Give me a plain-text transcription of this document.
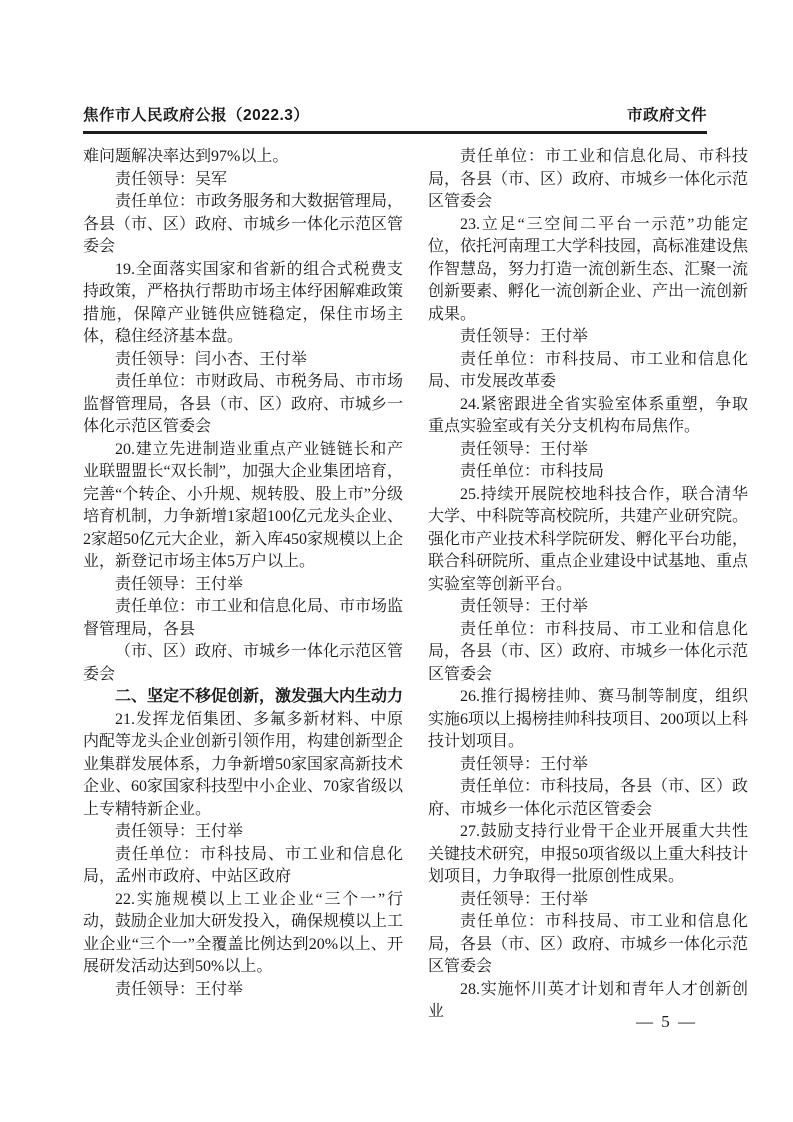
焦作市人民政府公报（2022.3）	市政府文件

难问题解决率达到97%以上。

责任领导：吴军

责任单位：市政务服务和大数据管理局，各县（市、区）政府、市城乡一体化示范区管委会

19.全面落实国家和省新的组合式税费支持政策，严格执行帮助市场主体纾困解难政策措施，保障产业链供应链稳定，保住市场主体，稳住经济基本盘。

责任领导：闫小杏、王付举

责任单位：市财政局、市税务局、市市场监督管理局，各县（市、区）政府、市城乡一体化示范区管委会

20.建立先进制造业重点产业链链长和产业联盟盟长“双长制”，加强大企业集团培育，完善“个转企、小升规、规转股、股上市”分级培育机制，力争新增1家超100亿元龙头企业、2家超50亿元大企业，新入库450家规模以上企业，新登记市场主体5万户以上。

责任领导：王付举

责任单位：市工业和信息化局、市市场监督管理局，各县

（市、区）政府、市城乡一体化示范区管委会

二、坚定不移促创新，激发强大内生动力

21.发挥龙佰集团、多氟多新材料、中原内配等龙头企业创新引领作用，构建创新型企业集群发展体系，力争新增50家国家高新技术企业、60家国家科技型中小企业、70家省级以上专精特新企业。

责任领导：王付举

责任单位：市科技局、市工业和信息化局，孟州市政府、中站区政府

22.实施规模以上工业企业“三个一”行动，鼓励企业加大研发投入，确保规模以上工业企业“三个一”全覆盖比例达到20%以上、开展研发活动达到50%以上。

责任领导：王付举

责任单位：市工业和信息化局、市科技局，各县（市、区）政府、市城乡一体化示范区管委会

23.立足“三空间二平台一示范”功能定位，依托河南理工大学科技园，高标准建设焦作智慧岛，努力打造一流创新生态、汇聚一流创新要素、孵化一流创新企业、产出一流创新成果。

责任领导：王付举

责任单位：市科技局、市工业和信息化局、市发展改革委

24.紧密跟进全省实验室体系重塑，争取重点实验室或有关分支机构布局焦作。

责任领导：王付举

责任单位：市科技局

25.持续开展院校地科技合作，联合清华大学、中科院等高校院所，共建产业研究院。强化市产业技术科学院研发、孵化平台功能，联合科研院所、重点企业建设中试基地、重点实验室等创新平台。

责任领导：王付举

责任单位：市科技局、市工业和信息化局，各县（市、区）政府、市城乡一体化示范区管委会

26.推行揭榜挂帅、赛马制等制度，组织实施6项以上揭榜挂帅科技项目、200项以上科技计划项目。

责任领导：王付举

责任单位：市科技局，各县（市、区）政府、市城乡一体化示范区管委会

27.鼓励支持行业骨干企业开展重大共性关键技术研究，申报50项省级以上重大科技计划项目，力争取得一批原创性成果。

责任领导：王付举

责任单位：市科技局、市工业和信息化局，各县（市、区）政府、市城乡一体化示范区管委会

28.实施怀川英才计划和青年人才创新创业

— 5 —
